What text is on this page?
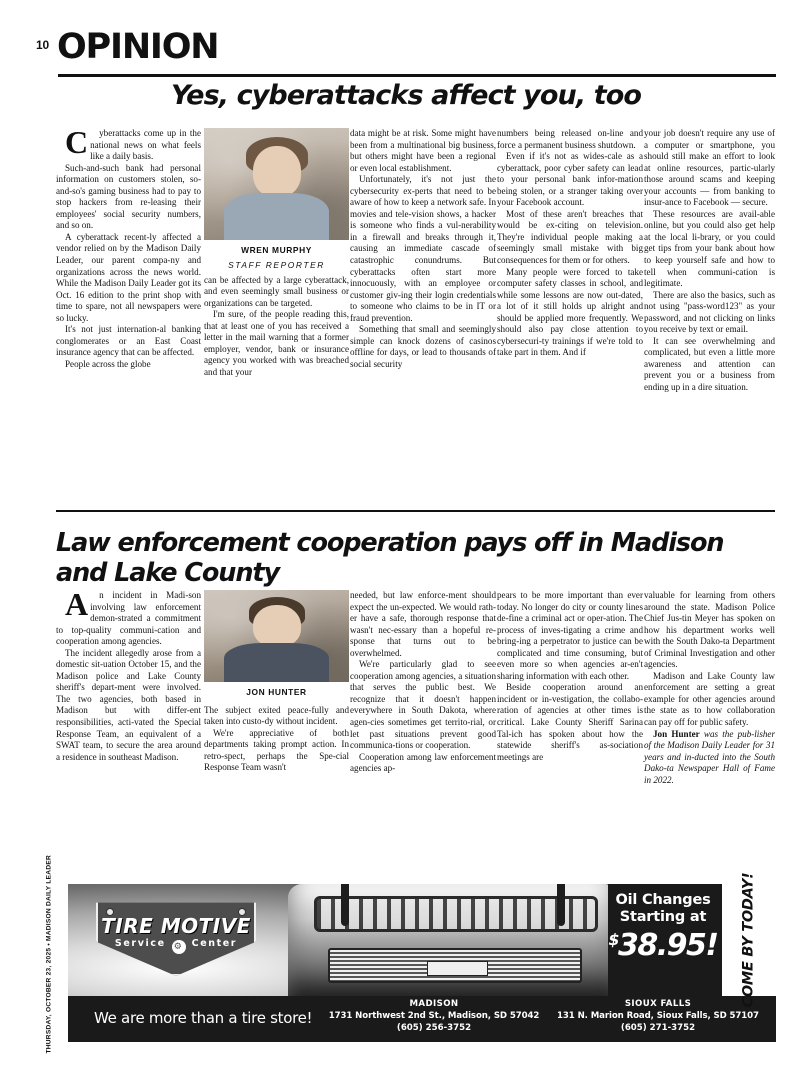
10 OPINION
Yes, cyberattacks affect you, too

Cyberattacks come up in the national news on what feels like a daily basis.

Such-and-such bank had personal information on customers stolen, so-and-so's gaming business had to pay to stop hackers from re-leasing their employees' social security numbers, and so on.

A cyberattack recent-ly affected a vendor relied on by the Madison Daily Leader, our parent compa-ny and organizations across the news world. While the Madison Daily Leader got its Oct. 16 edition to the print shop with time to spare, not all newspapers were so lucky.

It's not just internation-al banking conglomerates or an East Coast insurance agency that can be affected.

People across the globe

WREN MURPHY
STAFF REPORTER

can be affected by a large cyberattack, and even seemingly small business or organizations can be targeted.

I'm sure, of the people reading this, that at least one of you has received a letter in the mail warning that a former employer, vendor, bank or insurance agency you worked with was breached and that your

data might be at risk. Some might have been from a multinational big business, but others might have been a regional or even local establishment.

Unfortunately, it's not just the cybersecurity ex-perts that need to be aware of how to keep a network safe. In movies and tele-vision shows, a hacker is someone who finds a vul-nerability in a firewall and breaks through it, causing an immediate cascade of catastrophic conundrums. But cyberattacks often start more innocuously, with an employee or customer giv-ing their login credentials to someone who claims to be in IT or fraud prevention.

Something that small and seemingly simple can knock dozens of casinos offline for days, or lead to thousands of social security

numbers being released on-line and force a permanent business shutdown.

Even if it's not as wides-cale as a cyberattack, poor cyber safety can lead to your personal bank infor-mation being stolen, or a stranger taking over your Facebook account.

Most of these aren't breaches that would be ex-citing on television. They're individual people making a seemingly small mistake with big consequences for them or for others.

Many people were forced to take computer safety classes in school, and while some lessons are now out-dated, a lot of it still holds up alright and should be applied more frequently. We should also pay close attention to cybersecuri-ty trainings if we're told to take part in them. And if

your job doesn't require any use of a computer or smartphone, you should still make an effort to look at online resources, partic-ularly those around scams and keeping your accounts — from banking to insur-ance to Facebook — secure.

These resources are avail-able online, but you could also get help at the local li-brary, or you could get tips from your bank about how to keep yourself safe and how to tell when communi-cation is legitimate.

There are also the basics, such as not using "pass-word123" as your password, and not clicking on links you receive by text or email.

It can see overwhelming and complicated, but even a little more awareness and attention can prevent you or a business from ending up in a dire situation.

Law enforcement cooperation pays off in Madison and Lake County

An incident in Madi-son involving law enforcement demon-strated a commitment to top-quality communi-cation and cooperation among agencies.

The incident allegedly arose from a domestic sit-uation October 15, and the Madison police and Lake County sheriff's depart-ment were involved. The two agencies, both based in Madison but with differ-ent responsibilities, acti-vated the Special Response Team, an equivalent of a SWAT team, to secure the area around a residence in southeast Madison.

JON HUNTER

The subject exited peace-fully and taken into custo-dy without incident.

We're appreciative of both departments taking prompt action. In retro-spect, perhaps the Spe-cial Response Team wasn't

needed, but law enforce-ment should expect the un-expected. We would rath-er have a safe, thorough response that wasn't nec-essary than a hopeful re-sponse that turns out to be overwhelmed.

We're particularly glad to see cooperation among agencies, a situation that serves the public best. We recognize that it doesn't happen everywhere in South Dakota, where agen-cies sometimes get territo-rial, or let past situations prevent good communica-tions or cooperation.

Cooperation among law enforcement agencies ap-

pears to be more important than ever today. No longer do city or county lines de-fine a criminal act or oper-ation. The process of inves-tigating a crime and bring-ing a perpetrator to justice can be complicated and time consuming, but even more so when agencies ar-en't sharing information with each other.

Beside cooperation around an incident or in-vestigation, the collabo-ration of agencies at other times is critical. Lake County Sheriff Sarina Tal-ich has spoken about how the statewide sheriff's as-sociation meetings are

valuable for learning from others around the state. Madison Police Chief Jus-tin Meyer has spoken on how his department works well with the South Dako-ta Department of Criminal Investigation and other agencies.

Madison and Lake County law enforcement are setting a great example for other agencies around the state as to how collaboration can pay off for public safety.

Jon Hunter was the pub-lisher of the Madison Daily Leader for 31 years and in-ducted into the South Dako-ta Newspaper Hall of Fame in 2022.

TIRE MOTIVE
Service ⚙ Center
Oil Changes
Starting at
$38.95! COME BY TODAY!
We are more than a tire store!
MADISON
1731 Northwest 2nd St., Madison, SD 57042
(605) 256-3752
SIOUX FALLS
131 N. Marion Road, Sioux Falls, SD 57107
(605) 271-3752
THURSDAY, OCTOBER 23, 2025 • MADISON DAILY LEADER
